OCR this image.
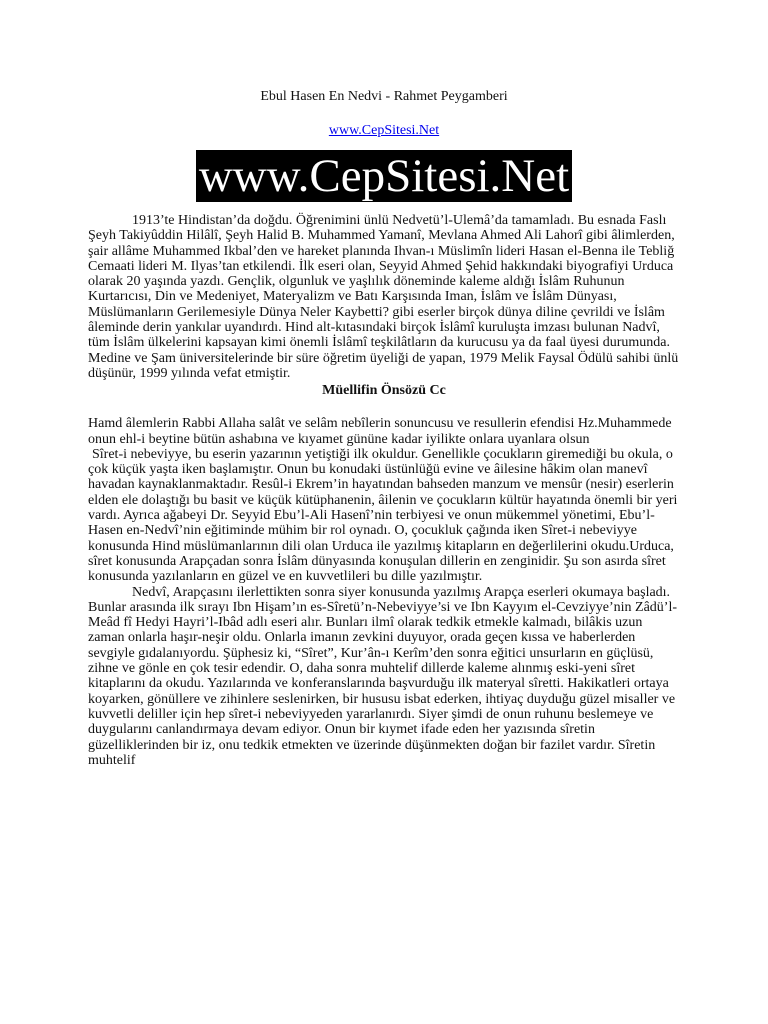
Ebul Hasen En Nedvi - Rahmet Peygamberi

www.CepSitesi.Net
www.CepSitesi.Net

1913’te Hindistan’da doğdu. Öğrenimini ünlü Nedvetü’l-Ulemâ’da tamamladı. Bu esnada Faslı Şeyh Takiyûddin Hilâlî, Şeyh Halid B. Muhammed Yamanî, Mevlana Ahmed Ali Lahorî gibi âlimlerden, şair allâme Muhammed Ikbal’den ve hareket planında Ihvan-ı Müslimîn lideri Hasan el-Benna ile Tebliğ Cemaati lideri M. Ilyas’tan etkilendi. İlk eseri olan, Seyyid Ahmed Şehid hakkındaki biyografiyi Urduca olarak 20 yaşında yazdı. Gençlik, olgunluk ve yaşlılık döneminde kaleme aldığı İslâm Ruhunun Kurtarıcısı, Din ve Medeniyet, Materyalizm ve Batı Karşısında Iman, İslâm ve İslâm Dünyası, Müslümanların Gerilemesiyle Dünya Neler Kaybetti? gibi eserler birçok dünya diline çevrildi ve İslâm âleminde derin yankılar uyandırdı. Hind alt-kıtasındaki birçok İslâmî kuruluşta imzası bulunan Nadvî, tüm İslâm ülkelerini kapsayan kimi önemli İslâmî teşkilâtların da kurucusu ya da faal üyesi durumunda. Medine ve Şam üniversitelerinde bir süre öğretim üyeliği de yapan, 1979 Melik Faysal Ödülü sahibi ünlü düşünür, 1999 yılında vefat etmiştir.

Müellifin Önsözü Cc

Hamd âlemlerin Rabbi Allaha salât ve selâm nebîlerin sonuncusu ve resullerin efendisi Hz.Muhammede onun ehl-i beytine bütün ashabına ve kıyamet gününe kadar iyilikte onlara uyanlara olsun

Sîret-i nebeviyye, bu eserin yazarının yetiştiği ilk okuldur. Genellikle çocukların giremediği bu okula, o çok küçük yaşta iken başlamıştır. Onun bu konudaki üstünlüğü evine ve âilesine hâkim olan manevî havadan kaynaklanmaktadır. Resûl-i Ekrem’in hayatından bahseden manzum ve mensûr (nesir) eserlerin elden ele dolaştığı bu basit ve küçük kütüphanenin, âilenin ve çocukların kültür hayatında önemli bir yeri vardı. Ayrıca ağabeyi Dr. Seyyid Ebu’l-Ali Hasenî’nin terbiyesi ve onun mükemmel yönetimi, Ebu’l-Hasen en-Nedvî’nin eğitiminde mühim bir rol oynadı. O, çocukluk çağında iken Sîret-i nebeviyye konusunda Hind müslümanlarının dili olan Urduca ile yazılmış kitapların en değerlilerini okudu.Urduca, sîret konusunda Arapçadan sonra İslâm dünyasında konuşulan dillerin en zenginidir. Şu son asırda sîret konusunda yazılanların en güzel ve en kuvvetlileri bu dille yazılmıştır.

Nedvî, Arapçasını ilerlettikten sonra siyer konusunda yazılmış Arapça eserleri okumaya başladı. Bunlar arasında ilk sırayı Ibn Hişam’ın es-Sîretü’n-Nebeviyye’si ve Ibn Kayyım el-Cevziyye’nin Zâdü’l-Meâd fî Hedyi Hayri’l-Ibâd adlı eseri alır. Bunları ilmî olarak tedkik etmekle kalmadı, bilâkis uzun zaman onlarla haşır-neşir oldu. Onlarla imanın zevkini duyuyor, orada geçen kıssa ve haberlerden sevgiyle gıdalanıyordu. Şüphesiz ki, “Sîret”, Kur’ân-ı Kerîm’den sonra eğitici unsurların en güçlüsü, zihne ve gönle en çok tesir edendir. O, daha sonra muhtelif dillerde kaleme alınmış eski-yeni sîret kitaplarını da okudu. Yazılarında ve konferanslarında başvurduğu ilk materyal sîretti. Hakikatleri ortaya koyarken, gönüllere ve zihinlere seslenirken, bir hususu isbat ederken, ihtiyaç duyduğu güzel misaller ve kuvvetli deliller için hep sîret-i nebeviyyeden yararlanırdı. Siyer şimdi de onun ruhunu beslemeye ve duygularını canlandırmaya devam ediyor. Onun bir kıymet ifade eden her yazısında sîretin güzelliklerinden bir iz, onu tedkik etmekten ve üzerinde düşünmekten doğan bir fazilet vardır. Sîretin muhtelif
